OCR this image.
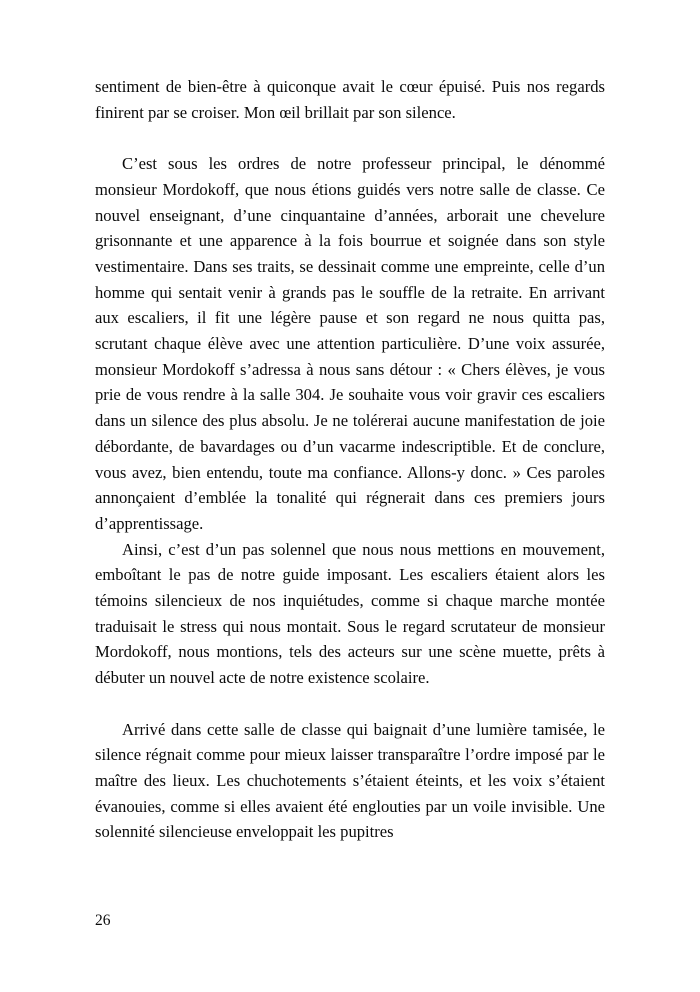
sentiment de bien-être à quiconque avait le cœur épuisé. Puis nos regards finirent par se croiser. Mon œil brillait par son silence.

C’est sous les ordres de notre professeur principal, le dénommé monsieur Mordokoff, que nous étions guidés vers notre salle de classe. Ce nouvel enseignant, d’une cinquantaine d’années, arborait une chevelure grisonnante et une apparence à la fois bourrue et soignée dans son style vestimentaire. Dans ses traits, se dessinait comme une empreinte, celle d’un homme qui sentait venir à grands pas le souffle de la retraite. En arrivant aux escaliers, il fit une légère pause et son regard ne nous quitta pas, scrutant chaque élève avec une attention particulière. D’une voix assurée, monsieur Mordokoff s’adressa à nous sans détour : « Chers élèves, je vous prie de vous rendre à la salle 304. Je souhaite vous voir gravir ces escaliers dans un silence des plus absolu. Je ne tolérerai aucune manifestation de joie débordante, de bavardages ou d’un vacarme indescriptible. Et de conclure, vous avez, bien entendu, toute ma confiance. Allons-y donc. » Ces paroles annonçaient d’emblée la tonalité qui régnerait dans ces premiers jours d’apprentissage.

Ainsi, c’est d’un pas solennel que nous nous mettions en mouvement, emboîtant le pas de notre guide imposant. Les escaliers étaient alors les témoins silencieux de nos inquiétudes, comme si chaque marche montée traduisait le stress qui nous montait. Sous le regard scrutateur de monsieur Mordokoff, nous montions, tels des acteurs sur une scène muette, prêts à débuter un nouvel acte de notre existence scolaire.

Arrivé dans cette salle de classe qui baignait d’une lumière tamisée, le silence régnait comme pour mieux laisser transparaître l’ordre imposé par le maître des lieux. Les chuchotements s’étaient éteints, et les voix s’étaient évanouies, comme si elles avaient été englouties par un voile invisible. Une solennité silencieuse enveloppait les pupitres

26
